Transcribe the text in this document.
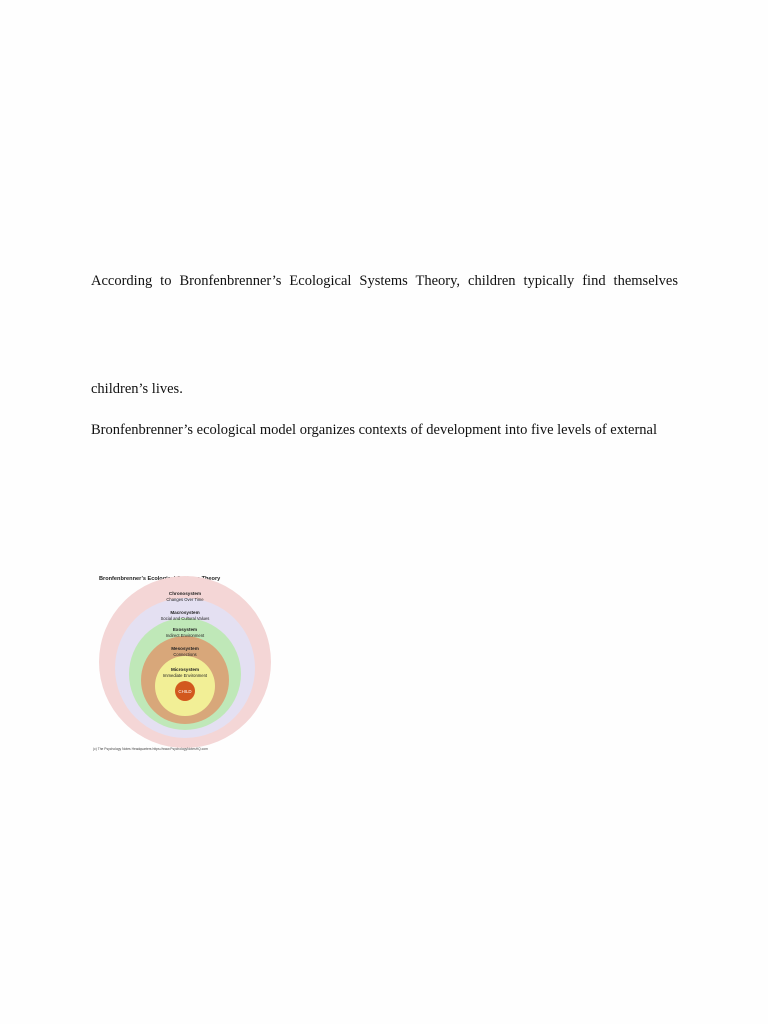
According to Bronfenbrenner’s Ecological Systems Theory, children typically find themselves
children’s lives.
Bronfenbrenner’s ecological model organizes contexts of development into five levels of external
Bronfenbrenner’s Ecological Systems Theory
Chronosystem
Changes Over Time
Macrosystem
Social and Cultural Values
Exosystem
Indirect Environment
Mesosystem
Connections
Microsystem
Immediate Environment
CHILD
(c) The Psychology Notes Headquarters https://www.PsychologyNotesHQ.com
